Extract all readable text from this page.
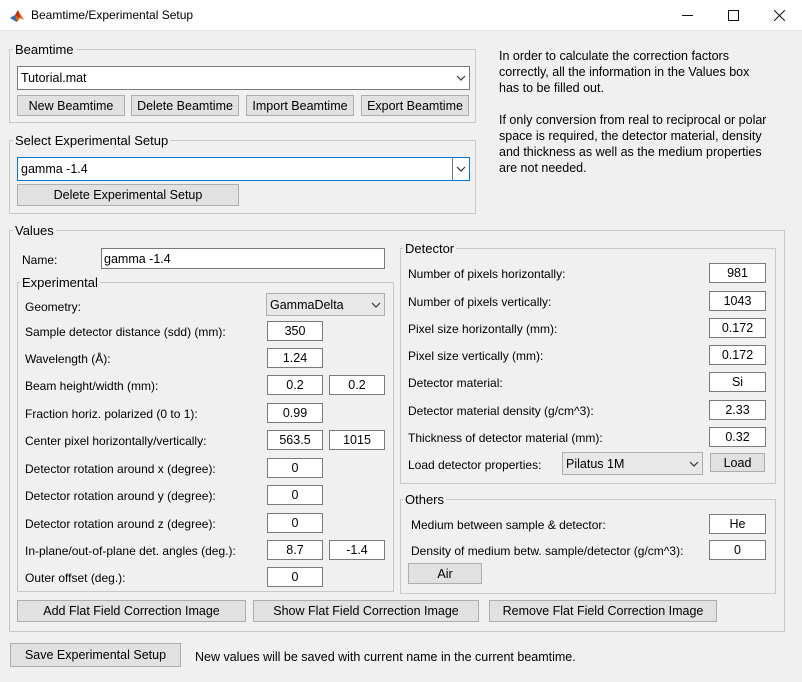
Beamtime/Experimental Setup
Beamtime
Tutorial.mat
New Beamtime	Delete Beamtime	Import Beamtime	Export Beamtime
Select Experimental Setup
gamma -1.4
Delete Experimental Setup
In order to calculate the correction factors
correctly, all the information in the Values box
has to be filled out.
If only conversion from real to reciprocal or polar
space is required, the detector material, density
and thickness as well as the medium properties
are not needed.
Values
Name:
gamma -1.4
Experimental
Geometry:	GammaDelta
Sample detector distance (sdd) (mm):
350
Wavelength (Å):
1.24
Beam height/width (mm):
0.2
0.2
Fraction horiz. polarized (0 to 1):
0.99
Center pixel horizontally/vertically:
563.5
1015
Detector rotation around x (degree):
0
Detector rotation around y (degree):
0
Detector rotation around z (degree):
0
In-plane/out-of-plane det. angles (deg.):
8.7
-1.4
Outer offset (deg.):
0
Detector
Number of pixels horizontally:
981
Number of pixels vertically:
1043
Pixel size horizontally (mm):
0.172
Pixel size vertically (mm):
0.172
Detector material:
Si
Detector material density (g/cm^3):
2.33
Thickness of detector material (mm):
0.32
Load detector properties: Pilatus 1M	Load
Others
Medium between sample & detector:
He
Density of medium betw. sample/detector (g/cm^3):
0
Air
Add Flat Field Correction Image	Show Flat Field Correction Image	Remove Flat Field Correction Image
Save Experimental Setup	New values will be saved with current name in the current beamtime.
